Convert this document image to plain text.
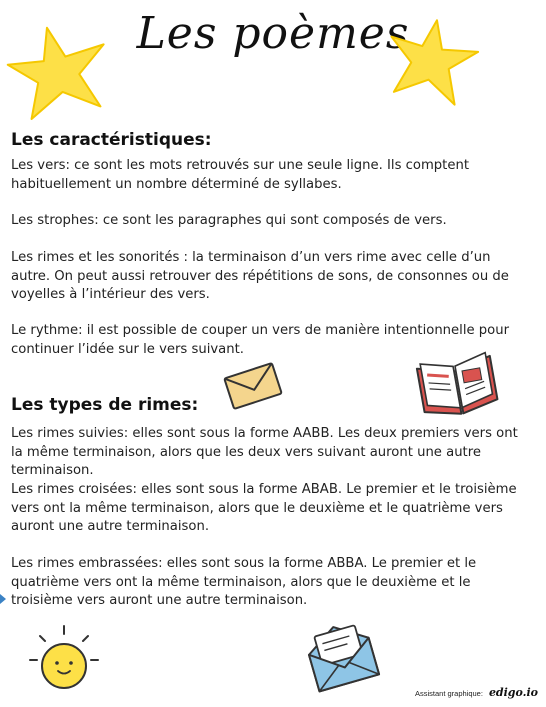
Les poèmes
Les caractéristiques:

Les vers: ce sont les mots retrouvés sur une seule ligne. Ils comptent habituellement un nombre déterminé de syllabes.

Les strophes: ce sont les paragraphes qui sont composés de vers.

Les rimes et les sonorités : la terminaison d’un vers rime avec celle d’un autre. On peut aussi retrouver des répétitions de sons, de consonnes ou de voyelles à l’intérieur des vers.

Le rythme: il est possible de couper un vers de manière intentionnelle pour continuer l’idée sur le vers suivant.

Les types de rimes:

Les rimes suivies: elles sont sous la forme AABB. Les deux premiers vers ont la même terminaison, alors que les deux vers suivant auront une autre terminaison.

Les rimes croisées: elles sont sous la forme ABAB. Le premier et le troisième vers ont la même terminaison, alors que le deuxième et le quatrième vers auront une autre terminaison.

Les rimes embrassées: elles sont sous la forme ABBA. Le premier et le quatrième vers ont la même terminaison, alors que le deuxième et le troisième vers auront une autre terminaison.

Assistant graphique: edigo.io
